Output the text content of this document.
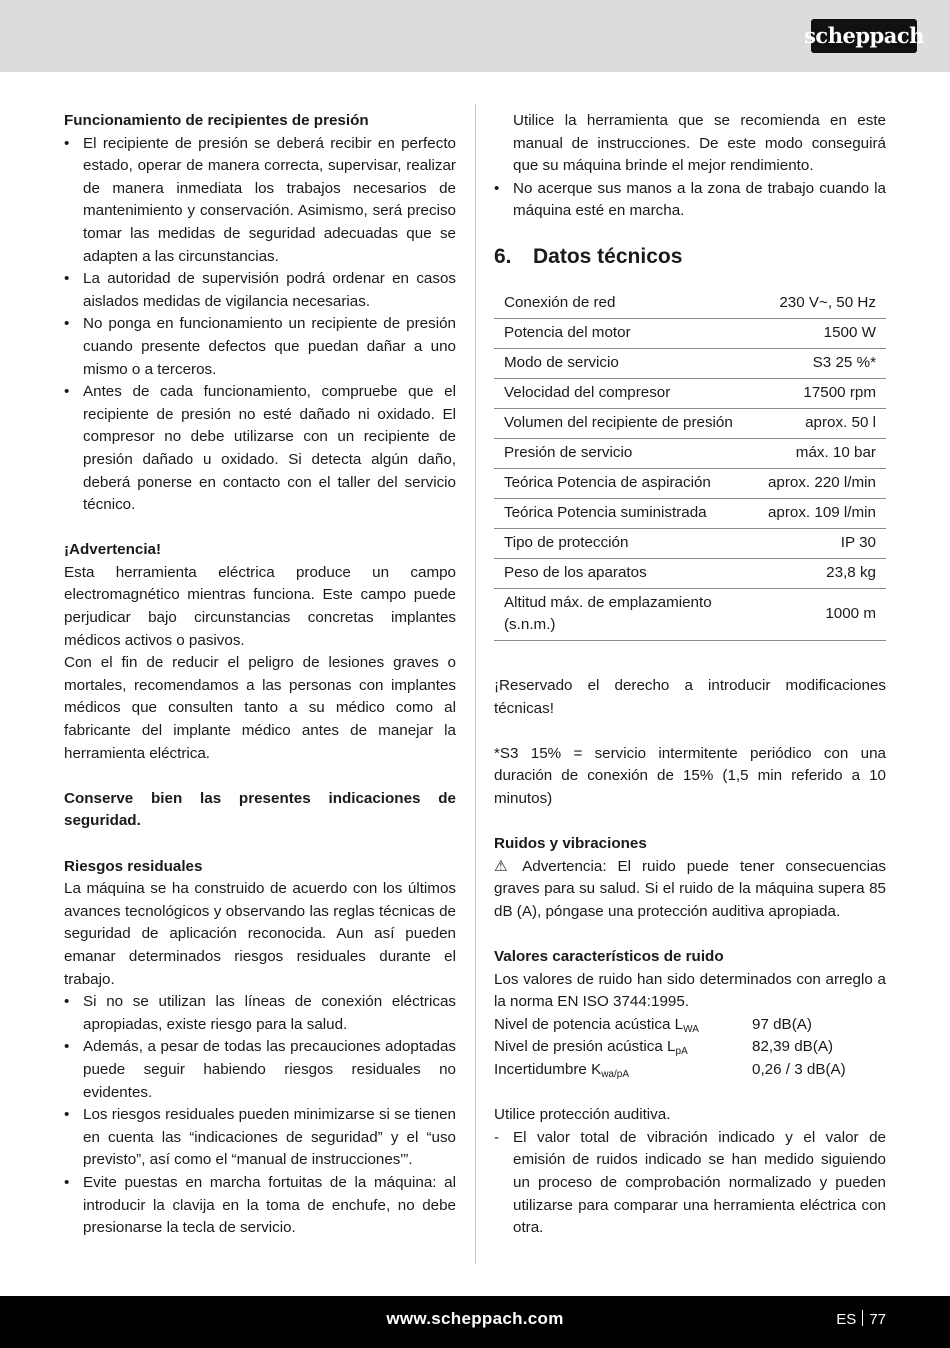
scheppach

Funcionamiento de recipientes de presión

• El recipiente de presión se deberá recibir en perfecto estado, operar de manera correcta, supervisar, realizar de manera inmediata los trabajos necesarios de mantenimiento y conservación. Asimismo, será preciso tomar las medidas de seguridad adecuadas que se adapten a las circunstancias.
• La autoridad de supervisión podrá ordenar en casos aislados medidas de vigilancia necesarias.
• No ponga en funcionamiento un recipiente de presión cuando presente defectos que puedan dañar a uno mismo o a terceros.
• Antes de cada funcionamiento, compruebe que el recipiente de presión no esté dañado ni oxidado. El compresor no debe utilizarse con un recipiente de presión dañado u oxidado. Si detecta algún daño, deberá ponerse en contacto con el taller del servicio técnico.

¡Advertencia!

Esta herramienta eléctrica produce un campo electromagnético mientras funciona. Este campo puede perjudicar bajo circunstancias concretas implantes médicos activos o pasivos.

Con el fin de reducir el peligro de lesiones graves o mortales, recomendamos a las personas con implantes médicos que consulten tanto a su médico como al fabricante del implante médico antes de manejar la herramienta eléctrica.

Conserve bien las presentes indicaciones de seguridad.

Riesgos residuales

La máquina se ha construido de acuerdo con los últimos avances tecnológicos y observando las reglas técnicas de seguridad de aplicación reconocida. Aun así pueden emanar determinados riesgos residuales durante el trabajo.

• Si no se utilizan las líneas de conexión eléctricas apropiadas, existe riesgo para la salud.
• Además, a pesar de todas las precauciones adoptadas puede seguir habiendo riesgos residuales no evidentes.
• Los riesgos residuales pueden minimizarse si se tienen en cuenta las “indicaciones de seguridad” y el “uso previsto”, así como el “manual de instrucciones'”.
• Evite puestas en marcha fortuitas de la máquina: al introducir la clavija en la toma de enchufe, no debe presionarse la tecla de servicio.

Utilice la herramienta que se recomienda en este manual de instrucciones. De este modo conseguirá que su máquina brinde el mejor rendimiento.

• No acerque sus manos a la zona de trabajo cuando la máquina esté en marcha.
6.	Datos técnicos
Conexión de red	230 V~, 50 Hz
Potencia del motor	1500 W
Modo de servicio	S3 25 %*
Velocidad del compresor	17500 rpm
Volumen del recipiente de presión	aprox. 50 l
Presión de servicio	máx. 10 bar
Teórica Potencia de aspiración	aprox. 220 l/min
Teórica Potencia suministrada	aprox. 109 l/min
Tipo de protección	IP 30
Peso de los aparatos	23,8 kg
Altitud máx. de emplazamiento (s.n.m.)	1000 m

¡Reservado el derecho a introducir modificaciones técnicas!

*S3 15% = servicio intermitente periódico con una duración de conexión de 15% (1,5 min referido a 10 minutos)

Ruidos y vibraciones

⚠ Advertencia: El ruido puede tener consecuencias graves para su salud. Si el ruido de la máquina supera 85 dB (A), póngase una protección auditiva apropiada.

Valores característicos de ruido

Los valores de ruido han sido determinados con arreglo a la norma EN ISO 3744:1995.

Nivel de potencia acústica $L_{WA}$	97 dB(A)
Nivel de presión acústica $L_{pA}$	82,39 dB(A)
Incertidumbre $K_{wa/pA}$	0,26 / 3 dB(A)

Utilice protección auditiva.

- El valor total de vibración indicado y el valor de emisión de ruidos indicado se han medido siguiendo un proceso de comprobación normalizado y pueden utilizarse para comparar una herramienta eléctrica con otra.
www.scheppach.com	ES 77
